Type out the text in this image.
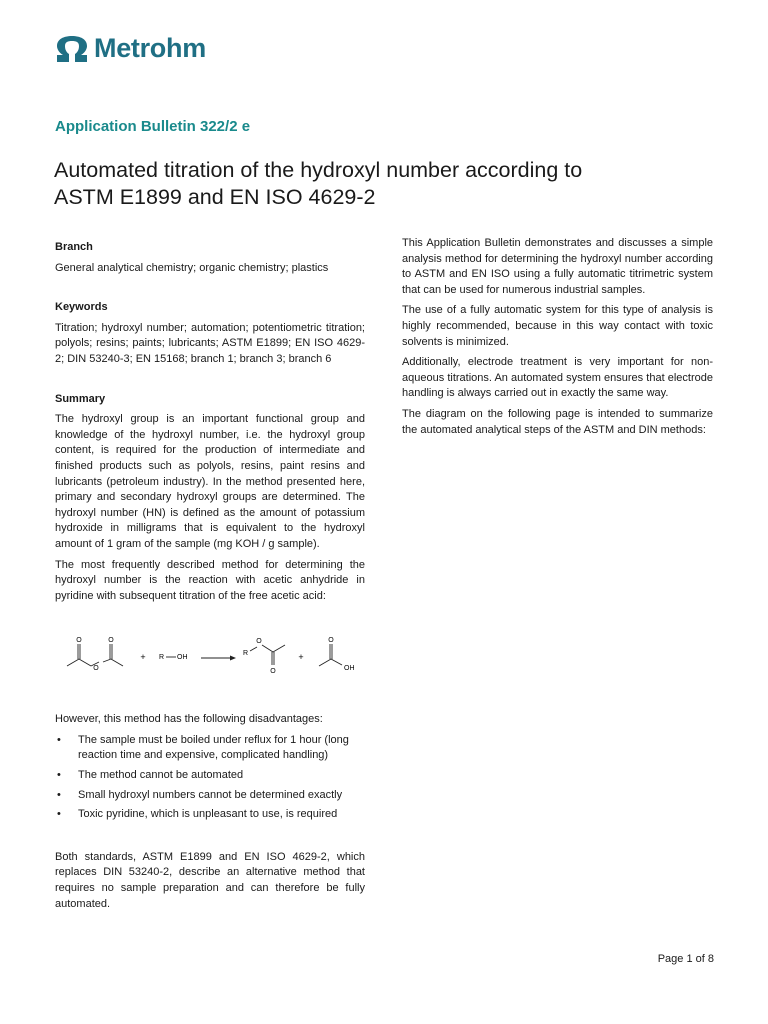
Metrohm
Application Bulletin 322/2 e
Automated titration of the hydroxyl number according to
ASTM E1899 and EN ISO 4629-2
Branch

General analytical chemistry; organic chemistry; plastics

Keywords

Titration; hydroxyl number; automation; potentiometric titration; polyols; resins; paints; lubricants; ASTM E1899; EN ISO 4629-2; DIN 53240-3; EN 15168; branch 1; branch 3; branch 6

Summary

The hydroxyl group is an important functional group and knowledge of the hydroxyl number, i.e. the hydroxyl group content, is required for the production of intermediate and finished products such as polyols, resins, paint resins and lubricants (petroleum industry). In the method presented here, primary and secondary hydroxyl groups are determined. The hydroxyl number (HN) is defined as the amount of potassium hydroxide in milligrams that is equivalent to the hydroxyl amount of 1 gram of the sample (mg KOH / g sample).

The most frequently described method for determining the hydroxyl number is the reaction with acetic anhydride in pyridine with subsequent titration of the free acetic acid:

O	O
O
+ R OH
R
O
O
+
O
OH

However, this method has the following disadvantages:

• The sample must be boiled under reflux for 1 hour (long reaction time and expensive, complicated handling)
• The method cannot be automated
• Small hydroxyl numbers cannot be determined exactly
• Toxic pyridine, which is unpleasant to use, is required

Both standards, ASTM E1899 and EN ISO 4629-2, which replaces DIN 53240-2, describe an alternative method that requires no sample preparation and can therefore be fully automated.

This Application Bulletin demonstrates and discusses a simple analysis method for determining the hydroxyl number according to ASTM and EN ISO using a fully automatic titrimetric system that can be used for numerous industrial samples.

The use of a fully automatic system for this type of analysis is highly recommended, because in this way contact with toxic solvents is minimized.

Additionally, electrode treatment is very important for non-aqueous titrations. An automated system ensures that electrode handling is always carried out in exactly the same way.

The diagram on the following page is intended to summarize the automated analytical steps of the ASTM and DIN methods:

Page 1 of 8
